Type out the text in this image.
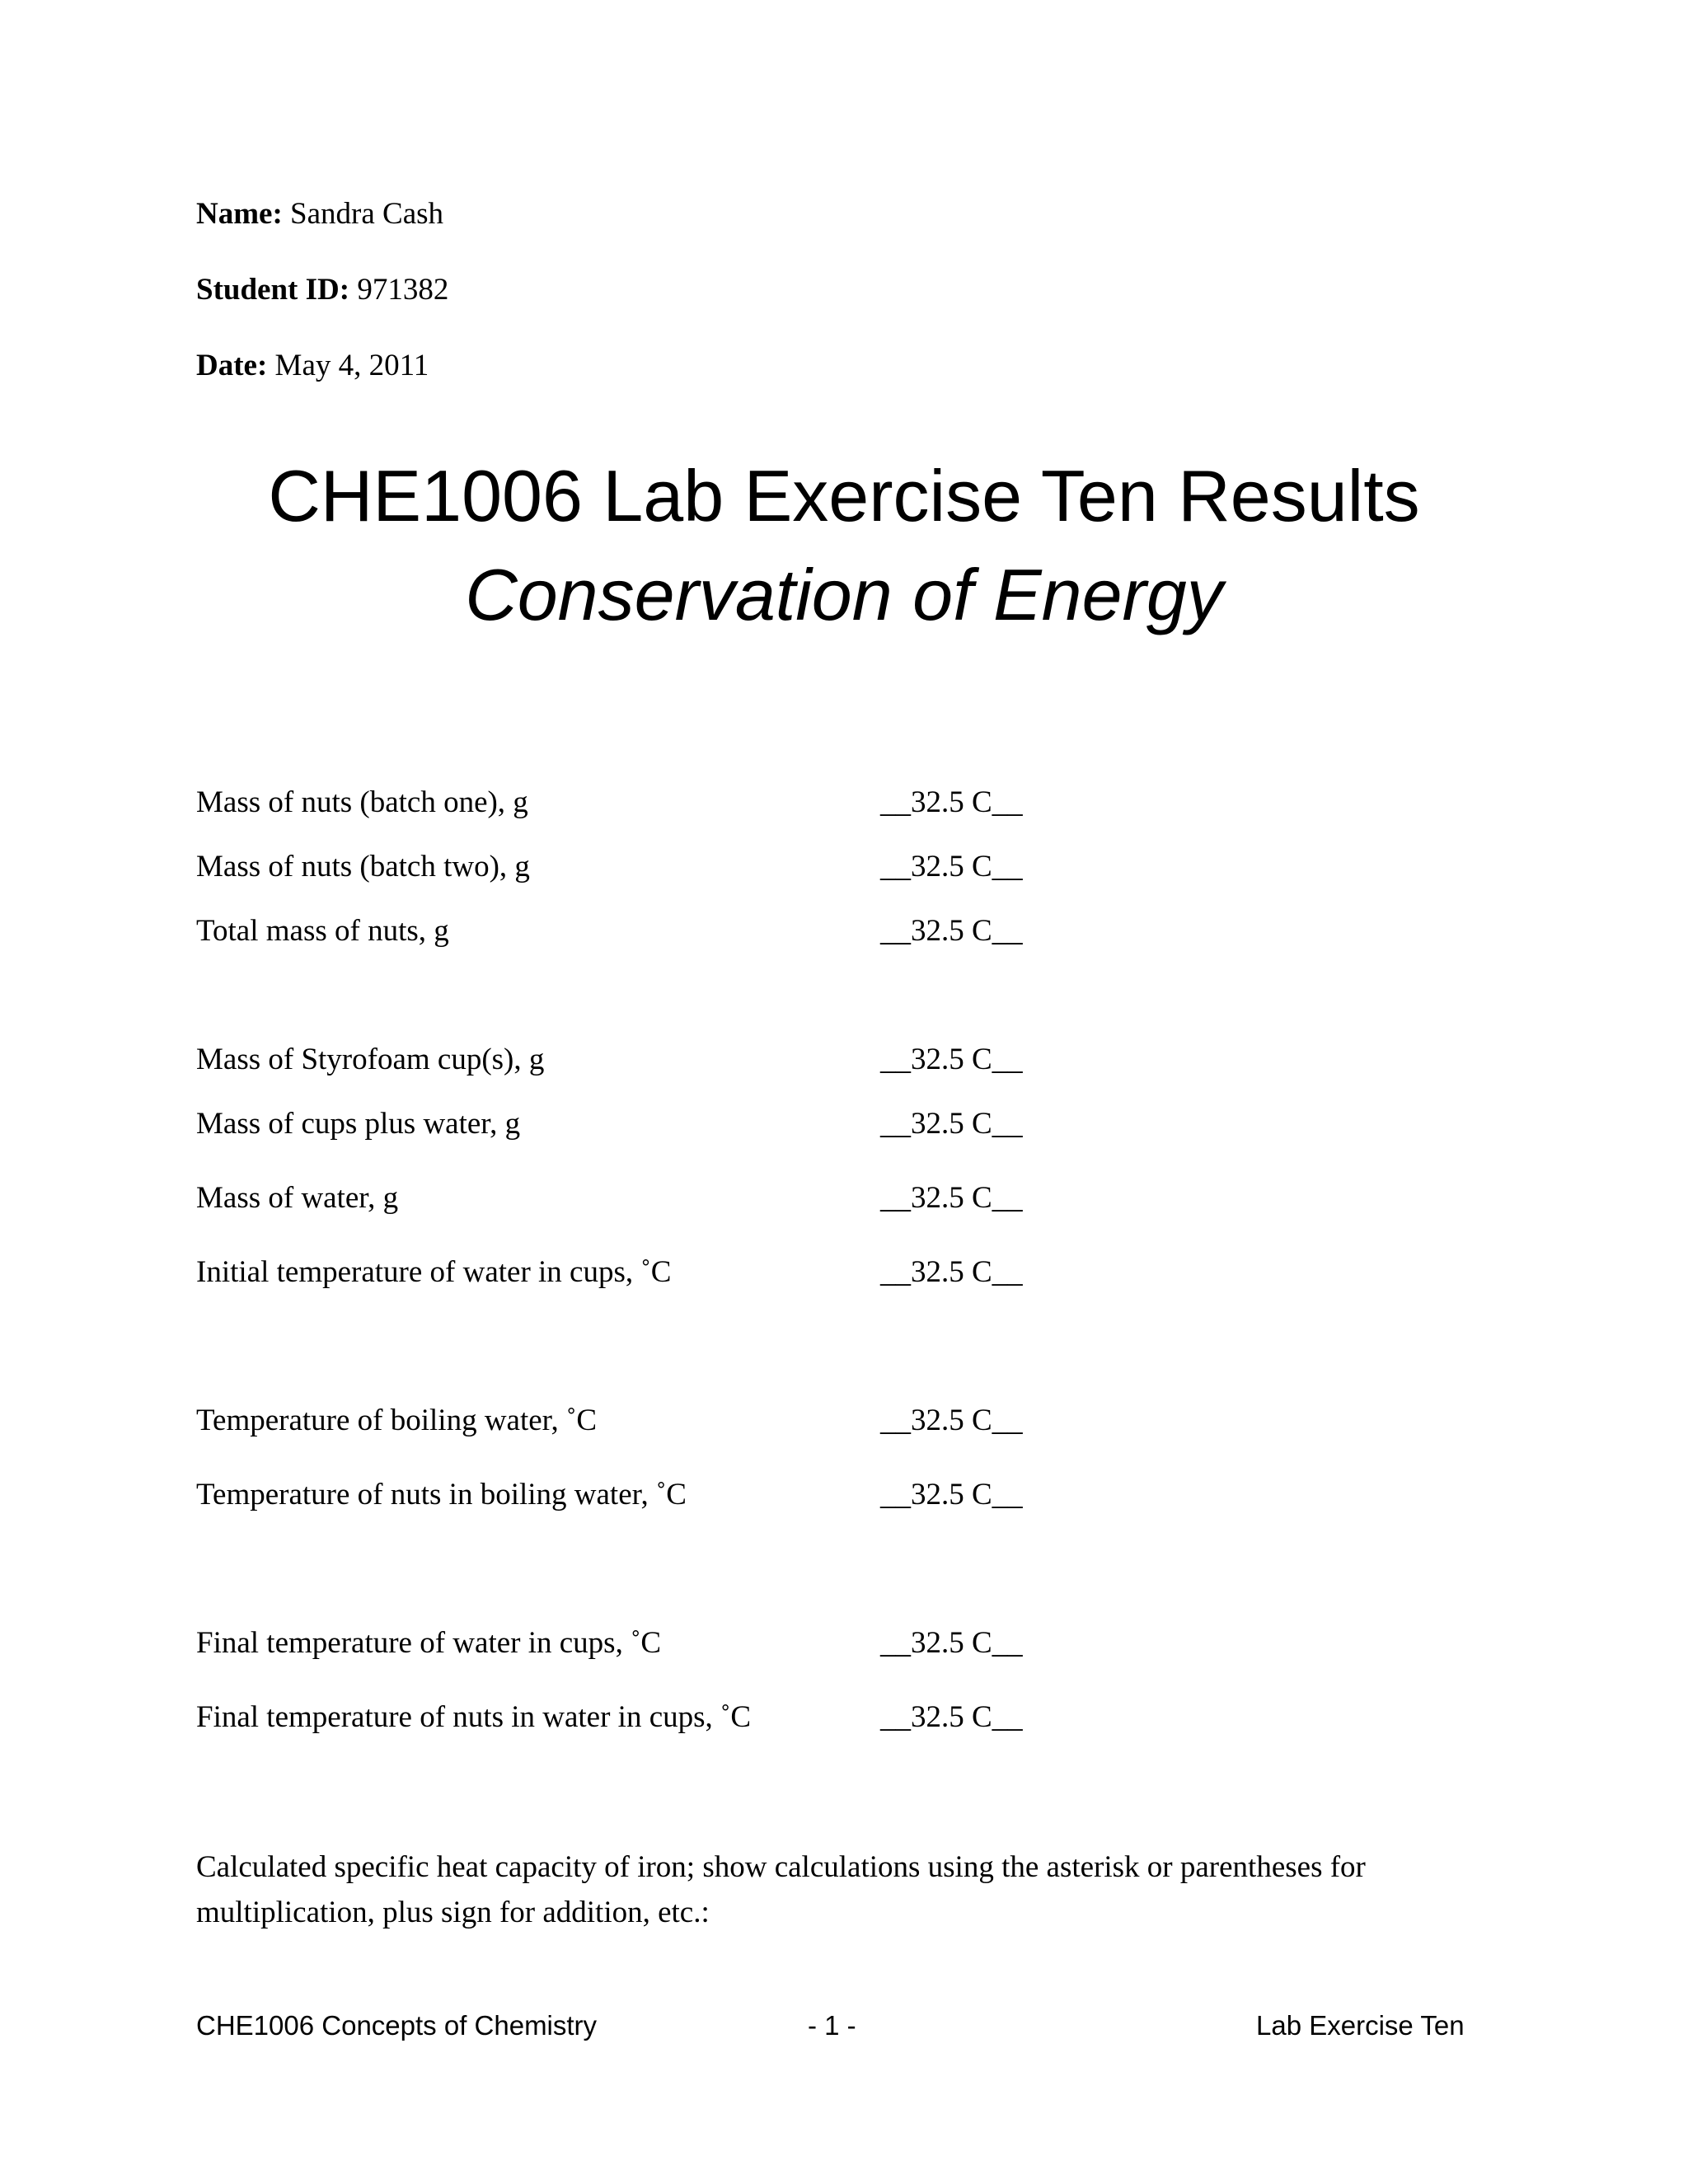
Name: Sandra Cash
Student ID: 971382
Date: May 4, 2011
CHE1006 Lab Exercise Ten Results
Conservation of Energy
Mass of nuts (batch one), g	__32.5 C__
Mass of nuts (batch two), g	__32.5 C__
Total mass of nuts, g	__32.5 C__
Mass of Styrofoam cup(s), g	__32.5 C__
Mass of cups plus water, g	__32.5 C__
Mass of water, g	__32.5 C__
Initial temperature of water in cups, ˚C	__32.5 C__
Temperature of boiling water, ˚C	__32.5 C__
Temperature of nuts in boiling water, ˚C	__32.5 C__
Final temperature of water in cups, ˚C	__32.5 C__
Final temperature of nuts in water in cups, ˚C	__32.5 C__
Calculated specific heat capacity of iron; show calculations using the asterisk or parentheses for multiplication, plus sign for addition, etc.:
CHE1006 Concepts of Chemistry	- 1 -	Lab Exercise Ten
